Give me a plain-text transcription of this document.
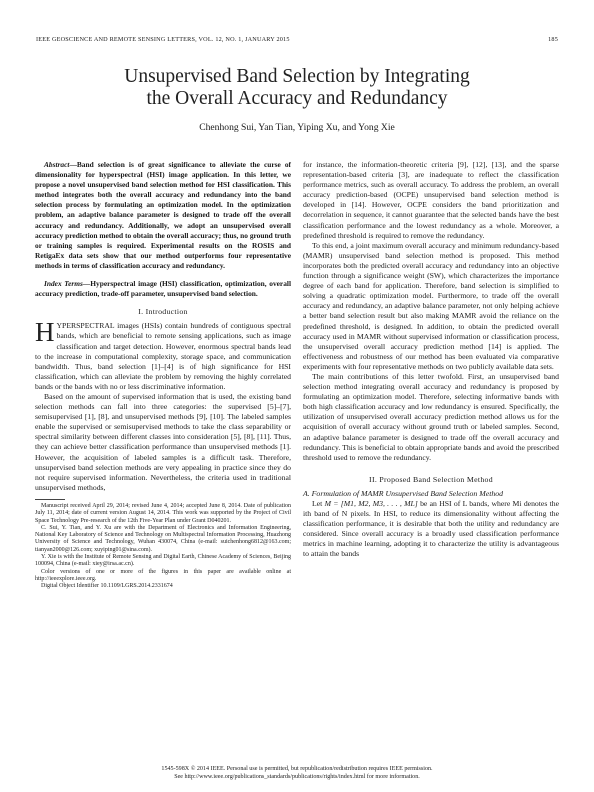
IEEE GEOSCIENCE AND REMOTE SENSING LETTERS, VOL. 12, NO. 1, JANUARY 2015	185
Unsupervised Band Selection by Integrating
the Overall Accuracy and Redundancy
Chenhong Sui, Yan Tian, Yiping Xu, and Yong Xie

Abstract—Band selection is of great significance to alleviate the curse of dimensionality for hyperspectral (HSI) image application. In this letter, we propose a novel unsupervised band selection method for HSI classification. This method integrates both the overall accuracy and redundancy into the band selection process by formulating an optimization model. In the optimization problem, an adaptive balance parameter is designed to trade off the overall accuracy and redundancy. Additionally, we adopt an unsupervised overall accuracy prediction method to obtain the overall accuracy; thus, no ground truth or training samples is required. Experimental results on the ROSIS and RetigaEx data sets show that our method outperforms four representative methods in terms of classification accuracy and redundancy.

Index Terms—Hyperspectral image (HSI) classification, optimization, overall accuracy prediction, trade-off parameter, unsupervised band selection.

I. Introduction

HYPERSPECTRAL images (HSIs) contain hundreds of contiguous spectral bands, which are beneficial to remote sensing applications, such as image classification and target detection. However, enormous spectral bands lead to the increase in computational complexity, storage space, and communication bandwidth. Thus, band selection [1]–[4] is of high significance for HSI classification, which can alleviate the problem by removing the highly correlated bands or the bands with no or less discriminative information.

Based on the amount of supervised information that is used, the existing band selection methods can fall into three categories: the supervised [5]–[7], semisupervised [1], [8], and unsupervised methods [9], [10]. The labeled samples enable the supervised or semisupervised methods to take the class separability or spectral similarity between different classes into consideration [5], [8], [11]. Thus, they can achieve better classification performance than unsupervised methods [1]. However, the acquisition of labeled samples is a difficult task. Therefore, unsupervised band selection methods are very appealing in practice since they do not require supervised information. Nevertheless, the criteria used in traditional unsupervised methods,

Manuscript received April 29, 2014; revised June 4, 2014; accepted June 8, 2014. Date of publication July 11, 2014; date of current version August 14, 2014. This work was supported by the Project of Civil Space Technology Pre-research of the 12th Five-Year Plan under Grant D040201.

C. Sui, Y. Tian, and Y. Xu are with the Department of Electronics and Information Engineering, National Key Laboratory of Science and Technology on Multispectral Information Processing, Huazhong University of Science and Technology, Wuhan 430074, China (e-mail: suichenhong6812@163.com; tianyan2000@126.com; xuyiping01@sina.com).

Y. Xie is with the Institute of Remote Sensing and Digital Earth, Chinese Academy of Sciences, Beijing 100094, China (e-mail: xiey@irsa.ac.cn).

Color versions of one or more of the figures in this paper are available online at http://ieeexplore.ieee.org.

Digital Object Identifier 10.1109/LGRS.2014.2331674

for instance, the information-theoretic criteria [9], [12], [13], and the sparse representation-based criteria [3], are inadequate to reflect the classification performance metrics, such as overall accuracy. To address the problem, an overall accuracy prediction-based (OCPE) unsupervised band selection method is developed in [14]. However, OCPE considers the band prioritization and decorrelation in sequence, it cannot guarantee that the selected bands have the best classification performance and the lowest redundancy as a whole. Moreover, a predefined threshold is required to remove the redundancy.

To this end, a joint maximum overall accuracy and minimum redundancy-based (MAMR) unsupervised band selection method is proposed. This method incorporates both the predicted overall accuracy and redundancy into an objective function through a significance weight (SW), which characterizes the importance degree of each band for application. Therefore, band selection is simplified to solving a quadratic optimization model. Furthermore, to trade off the overall accuracy and redundancy, an adaptive balance parameter, not only helping achieve a better band selection result but also making MAMR avoid the reliance on the predefined threshold, is designed. In addition, to obtain the predicted overall accuracy used in MAMR without supervised information or classification process, the unsupervised overall accuracy prediction method [14] is applied. The effectiveness and robustness of our method has been evaluated via comparative experiments with four representative methods on two publicly available data sets.

The main contributions of this letter twofold. First, an unsupervised band selection method integrating overall accuracy and redundancy is proposed by formulating an optimization model. Therefore, selecting informative bands with both high classification accuracy and low redundancy is ensured. Specifically, the utilization of unsupervised overall accuracy prediction method allows us for the acquisition of overall accuracy without ground truth or labeled samples. Second, an adaptive balance parameter is designed to trade off the overall accuracy and redundancy. This is beneficial to obtain appropriate bands and avoid the prescribed threshold used to remove the redundancy.

II. Proposed Band Selection Method

A. Formulation of MAMR Unsupervised Band Selection Method

Let M = [M1, M2, M3, . . . , ML] be an HSI of L bands, where Mi denotes the ith band of N pixels. In HSI, to reduce its dimensionality without affecting the classification performance, it is desirable that both the utility and redundancy are considered. Since overall accuracy is a broadly used classification performance metrics in machine learning, adopting it to characterize the utility is advantageous to attain the bands

1545-598X © 2014 IEEE. Personal use is permitted, but republication/redistribution requires IEEE permission.
See http://www.ieee.org/publications_standards/publications/rights/index.html for more information.
